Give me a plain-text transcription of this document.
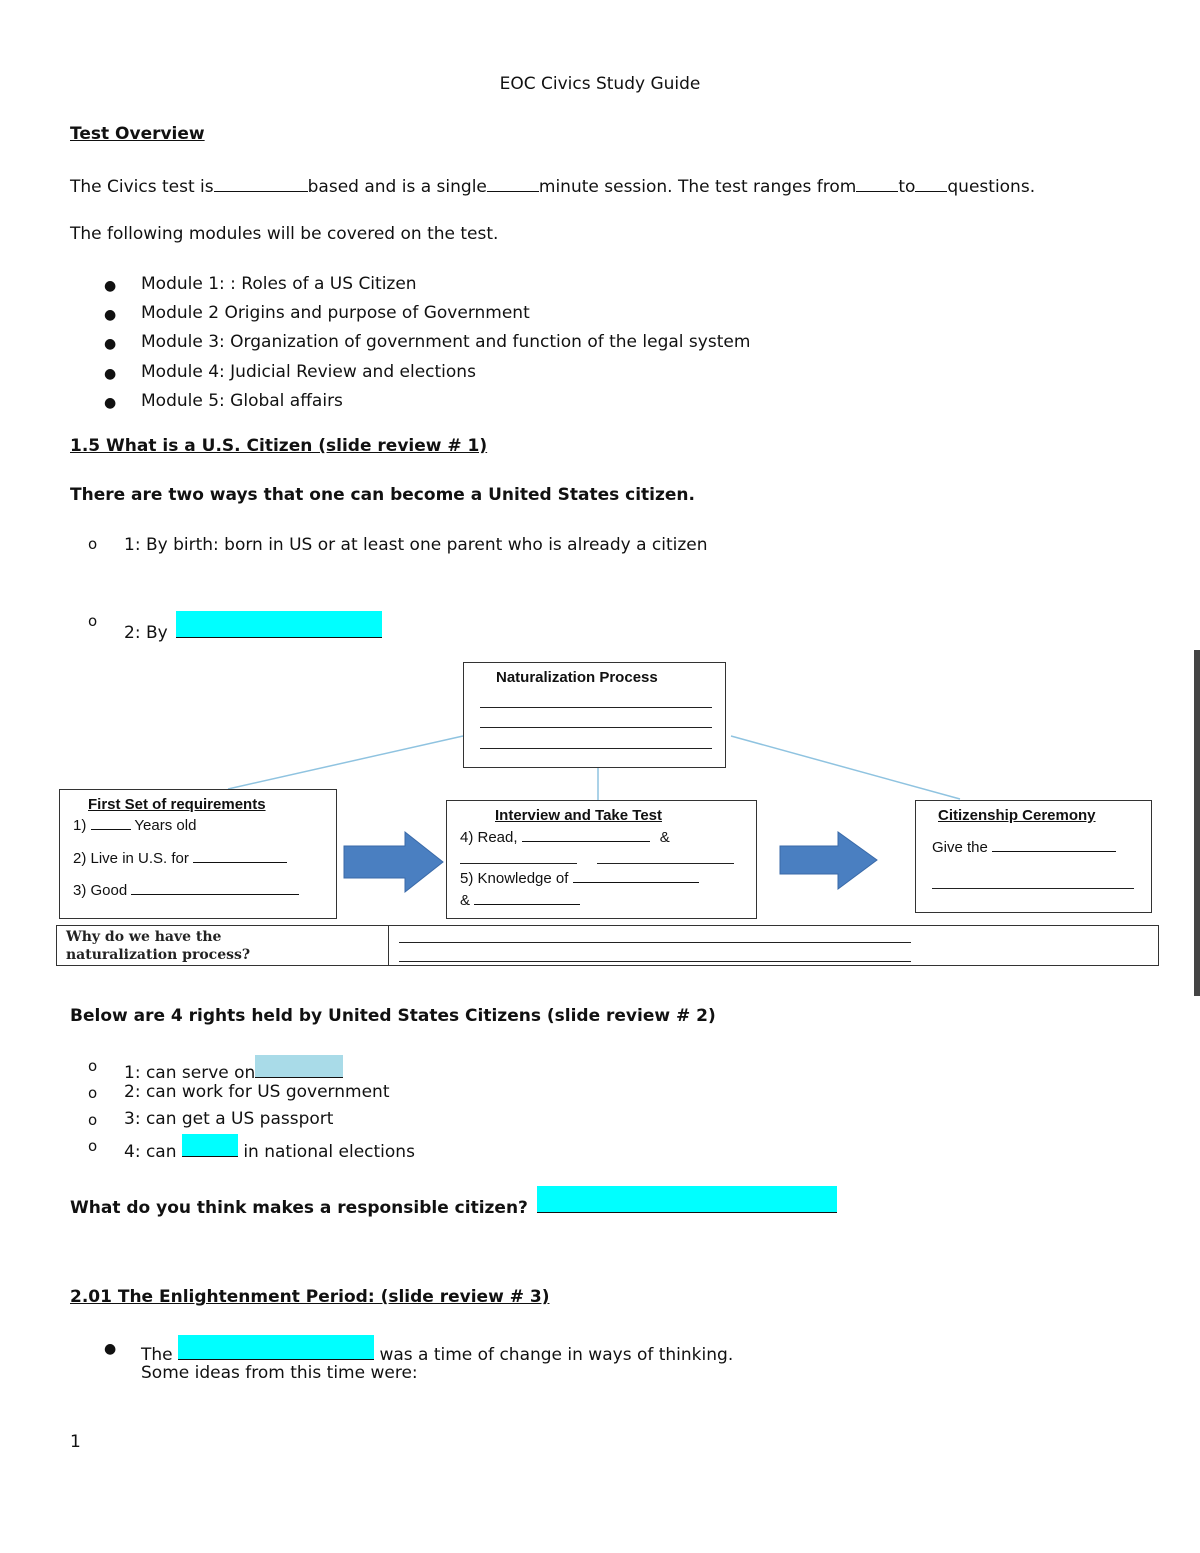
EOC Civics Study Guide
Test Overview
The Civics test is	based and is a single	minute session. The test ranges from to questions.
The following modules will be covered on the test.
● Module 1: : Roles of a US Citizen
● Module 2 Origins and purpose of Government
● Module 3: Organization of government and function of the legal system
● Module 4: Judicial Review and elections
● Module 5: Global affairs
1.5 What is a U.S. Citizen (slide review # 1)
There are two ways that one can become a United States citizen.
o 1: By birth: born in US or at least one parent who is already a citizen
o
2: By
Naturalization Process
First Set of requirements
1)	Years old
2) Live in U.S. for
3) Good
Interview and Take Test
4) Read,	&
5) Knowledge of
&
Citizenship Ceremony
Give the
Why do we have the
naturalization process?
Below are 4 rights held by United States Citizens (slide review # 2)
o 1: can serve on
o 2: can work for US government
o 3: can get a US passport
o 4: can	in national elections
What do you think makes a responsible citizen?
2.01 The Enlightenment Period: (slide review # 3)
● The	was a time of change in ways of thinking.
Some ideas from this time were:
1
